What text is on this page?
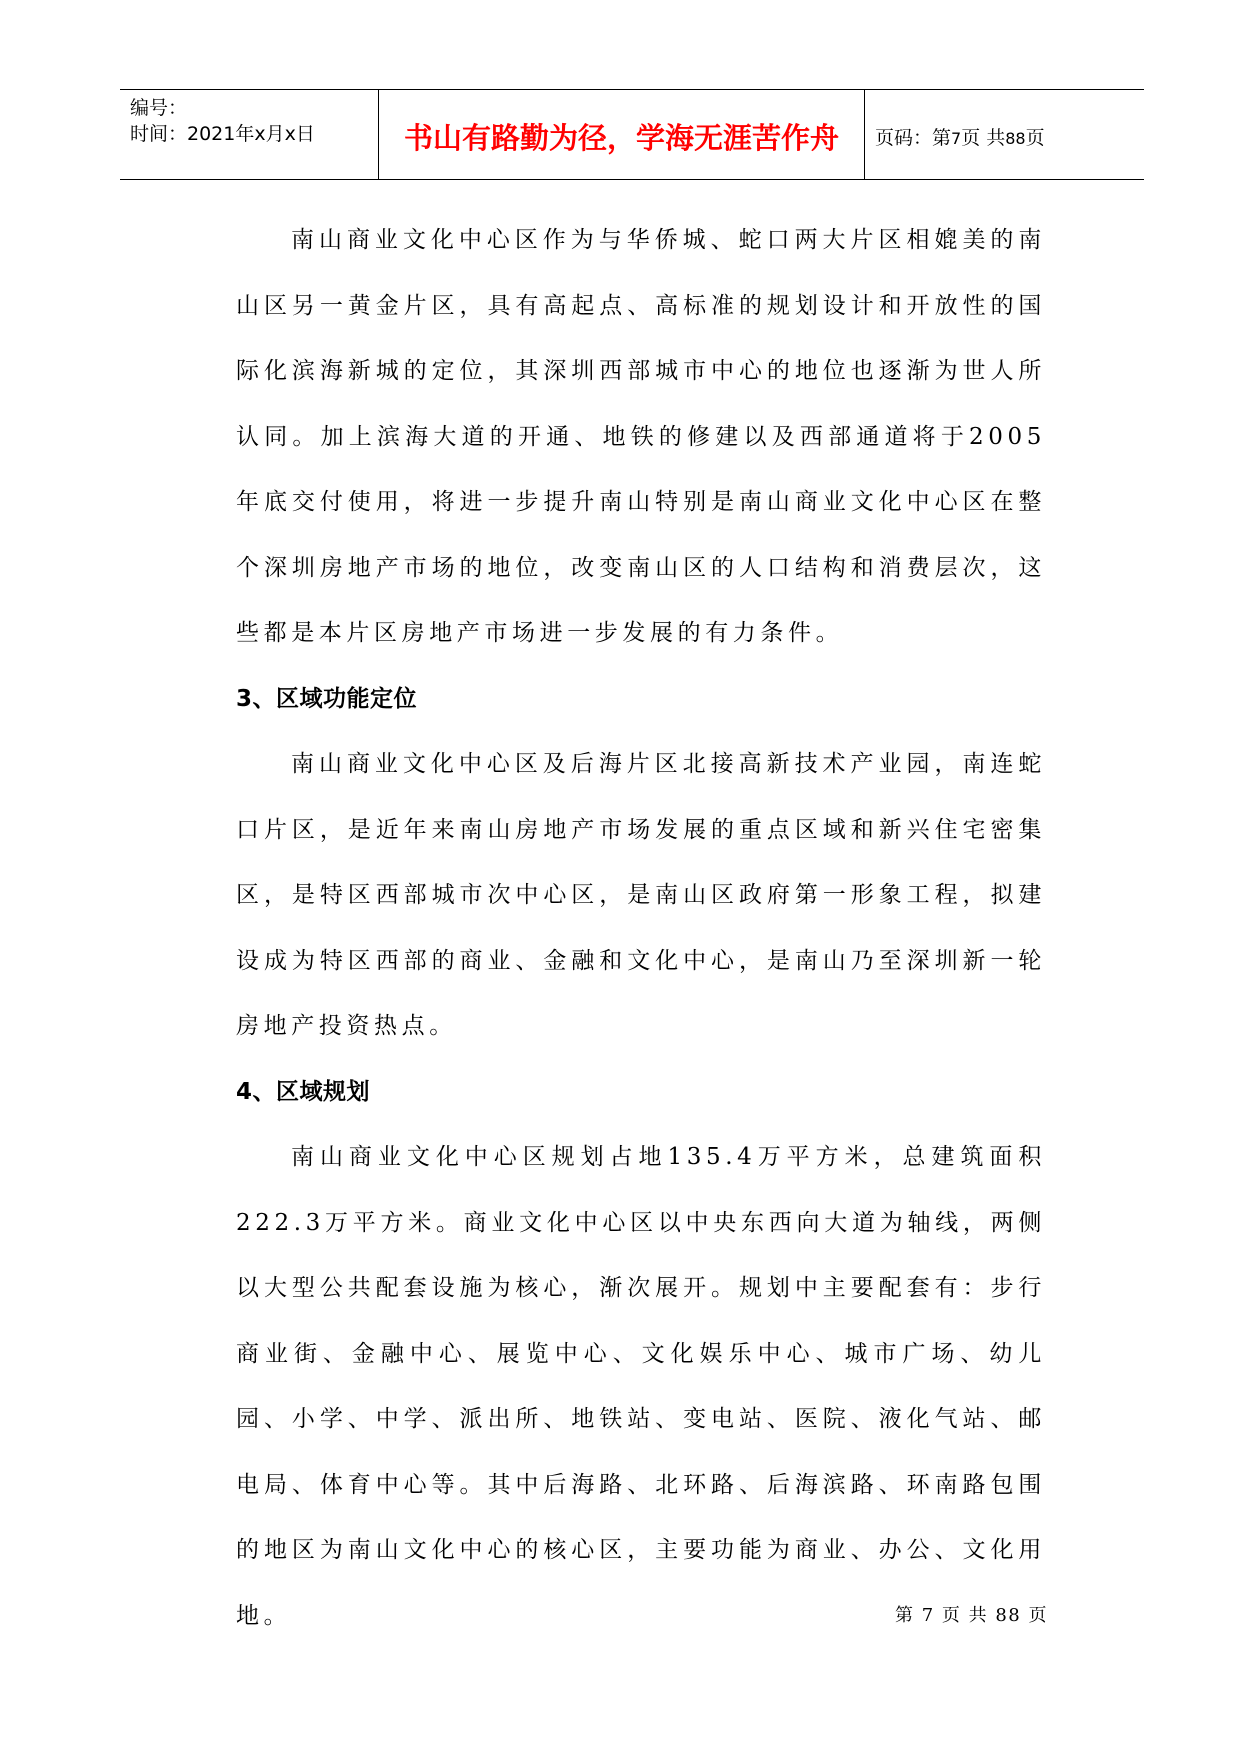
编号：
时间：2021年x月x日	书山有路勤为径，学海无涯苦作舟 页码：第7页 共88页

南山商业文化中心区作为与华侨城、蛇口两大片区相媲美的南山区另一黄金片区，具有高起点、高标准的规划设计和开放性的国际化滨海新城的定位，其深圳西部城市中心的地位也逐渐为世人所认同。加上滨海大道的开通、地铁的修建以及西部通道将于2005年底交付使用，将进一步提升南山特别是南山商业文化中心区在整个深圳房地产市场的地位，改变南山区的人口结构和消费层次，这些都是本片区房地产市场进一步发展的有力条件。

3、区域功能定位

南山商业文化中心区及后海片区北接高新技术产业园，南连蛇口片区，是近年来南山房地产市场发展的重点区域和新兴住宅密集区，是特区西部城市次中心区，是南山区政府第一形象工程，拟建设成为特区西部的商业、金融和文化中心，是南山乃至深圳新一轮房地产投资热点。

4、区域规划

南山商业文化中心区规划占地135.4万平方米，总建筑面积222.3万平方米。商业文化中心区以中央东西向大道为轴线，两侧以大型公共配套设施为核心，渐次展开。规划中主要配套有：步行商业街、金融中心、展览中心、文化娱乐中心、城市广场、幼儿园、小学、中学、派出所、地铁站、变电站、医院、液化气站、邮电局、体育中心等。其中后海路、北环路、后海滨路、环南路包围的地区为南山文化中心的核心区，主要功能为商业、办公、文化用地。	第 7 页 共 88 页
